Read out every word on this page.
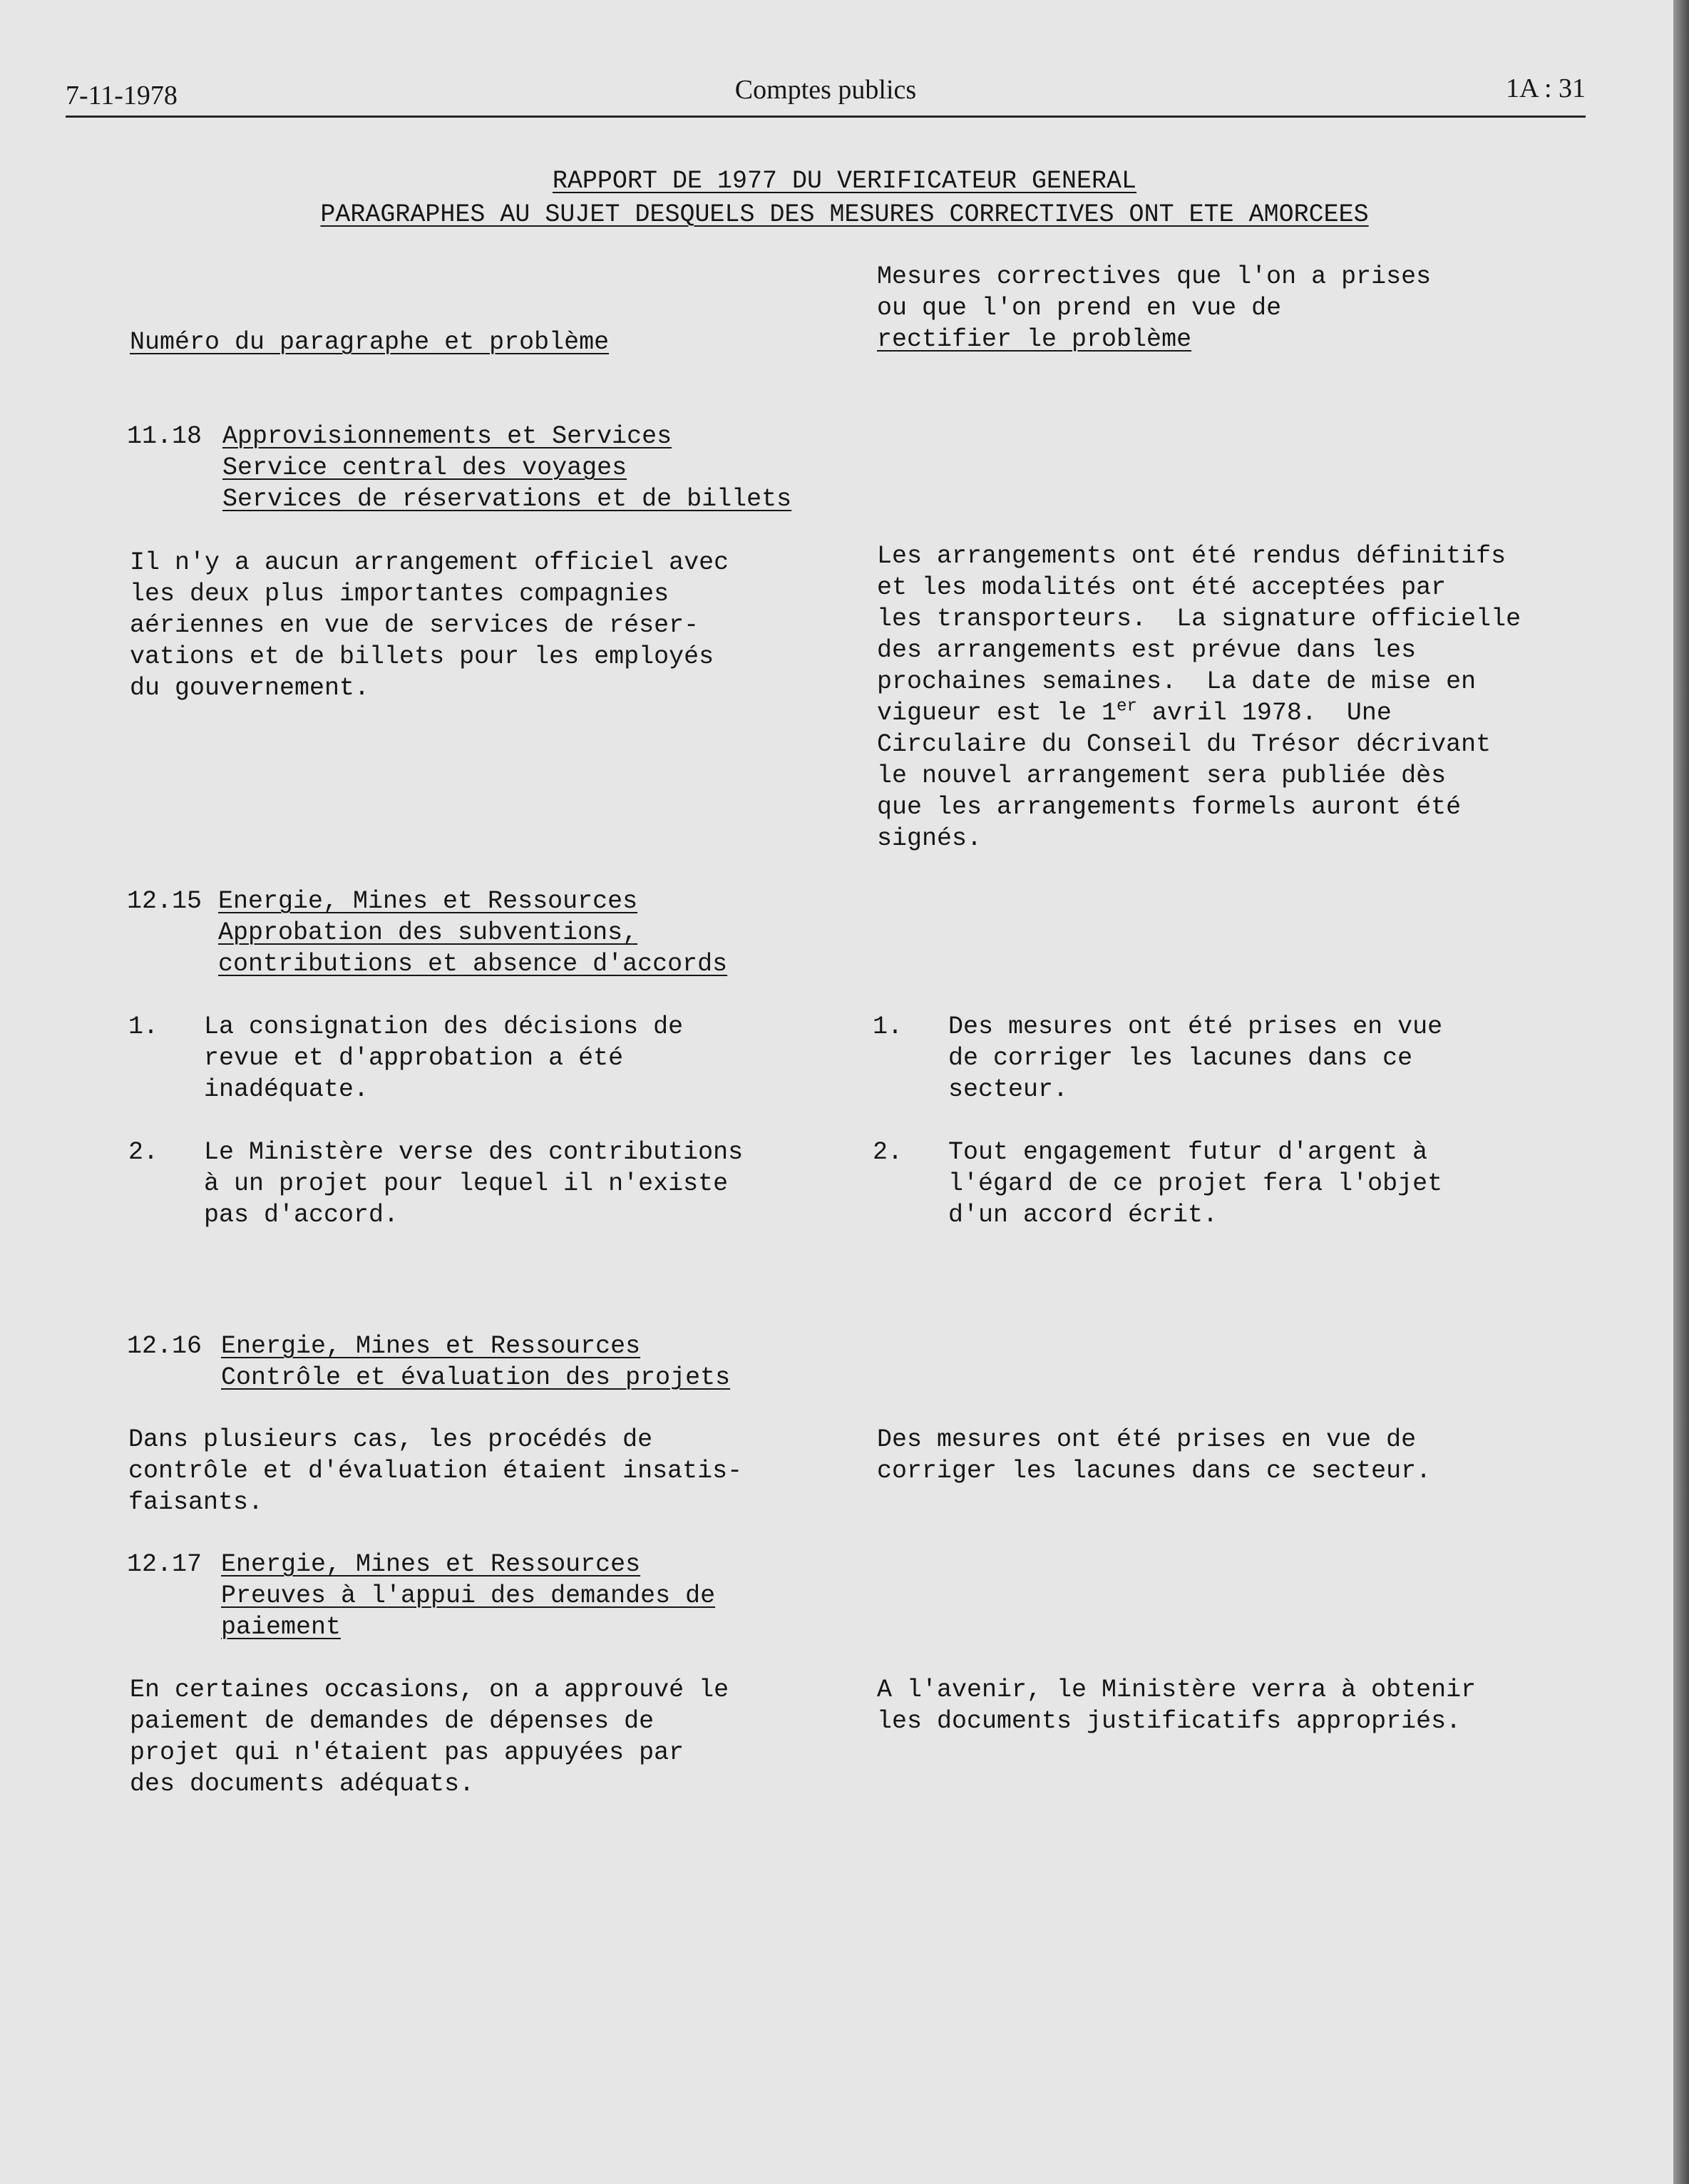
7-11-1978	Comptes publics	1A : 31
RAPPORT DE 1977 DU VERIFICATEUR GENERAL
PARAGRAPHES AU SUJET DESQUELS DES MESURES CORRECTIVES ONT ETE AMORCEES
Numéro du paragraphe et problème
Mesures correctives que l'on a prises
ou que l'on prend en vue de
rectifier le problème
11.18 Approvisionnements et Services
Service central des voyages
Services de réservations et de billets
Il n'y a aucun arrangement officiel avec
les deux plus importantes compagnies
aériennes en vue de services de réser-
vations et de billets pour les employés
du gouvernement.
Les arrangements ont été rendus définitifs
et les modalités ont été acceptées par
les transporteurs.  La signature officielle
des arrangements est prévue dans les
prochaines semaines.  La date de mise en
vigueur est le 1er avril 1978.  Une
Circulaire du Conseil du Trésor décrivant
le nouvel arrangement sera publiée dès
que les arrangements formels auront été
signés.
12.15 Energie, Mines et Ressources
Approbation des subventions,
contributions et absence d'accords
1. La consignation des décisions de
revue et d'approbation a été
inadéquate.
1. Des mesures ont été prises en vue
de corriger les lacunes dans ce
secteur.
2. Le Ministère verse des contributions
à un projet pour lequel il n'existe
pas d'accord.
2. Tout engagement futur d'argent à
l'égard de ce projet fera l'objet
d'un accord écrit.
12.16 Energie, Mines et Ressources
Contrôle et évaluation des projets
Dans plusieurs cas, les procédés de
contrôle et d'évaluation étaient insatis-
faisants.
Des mesures ont été prises en vue de
corriger les lacunes dans ce secteur.
12.17 Energie, Mines et Ressources
Preuves à l'appui des demandes de
paiement
En certaines occasions, on a approuvé le
paiement de demandes de dépenses de
projet qui n'étaient pas appuyées par
des documents adéquats.
A l'avenir, le Ministère verra à obtenir
les documents justificatifs appropriés.
